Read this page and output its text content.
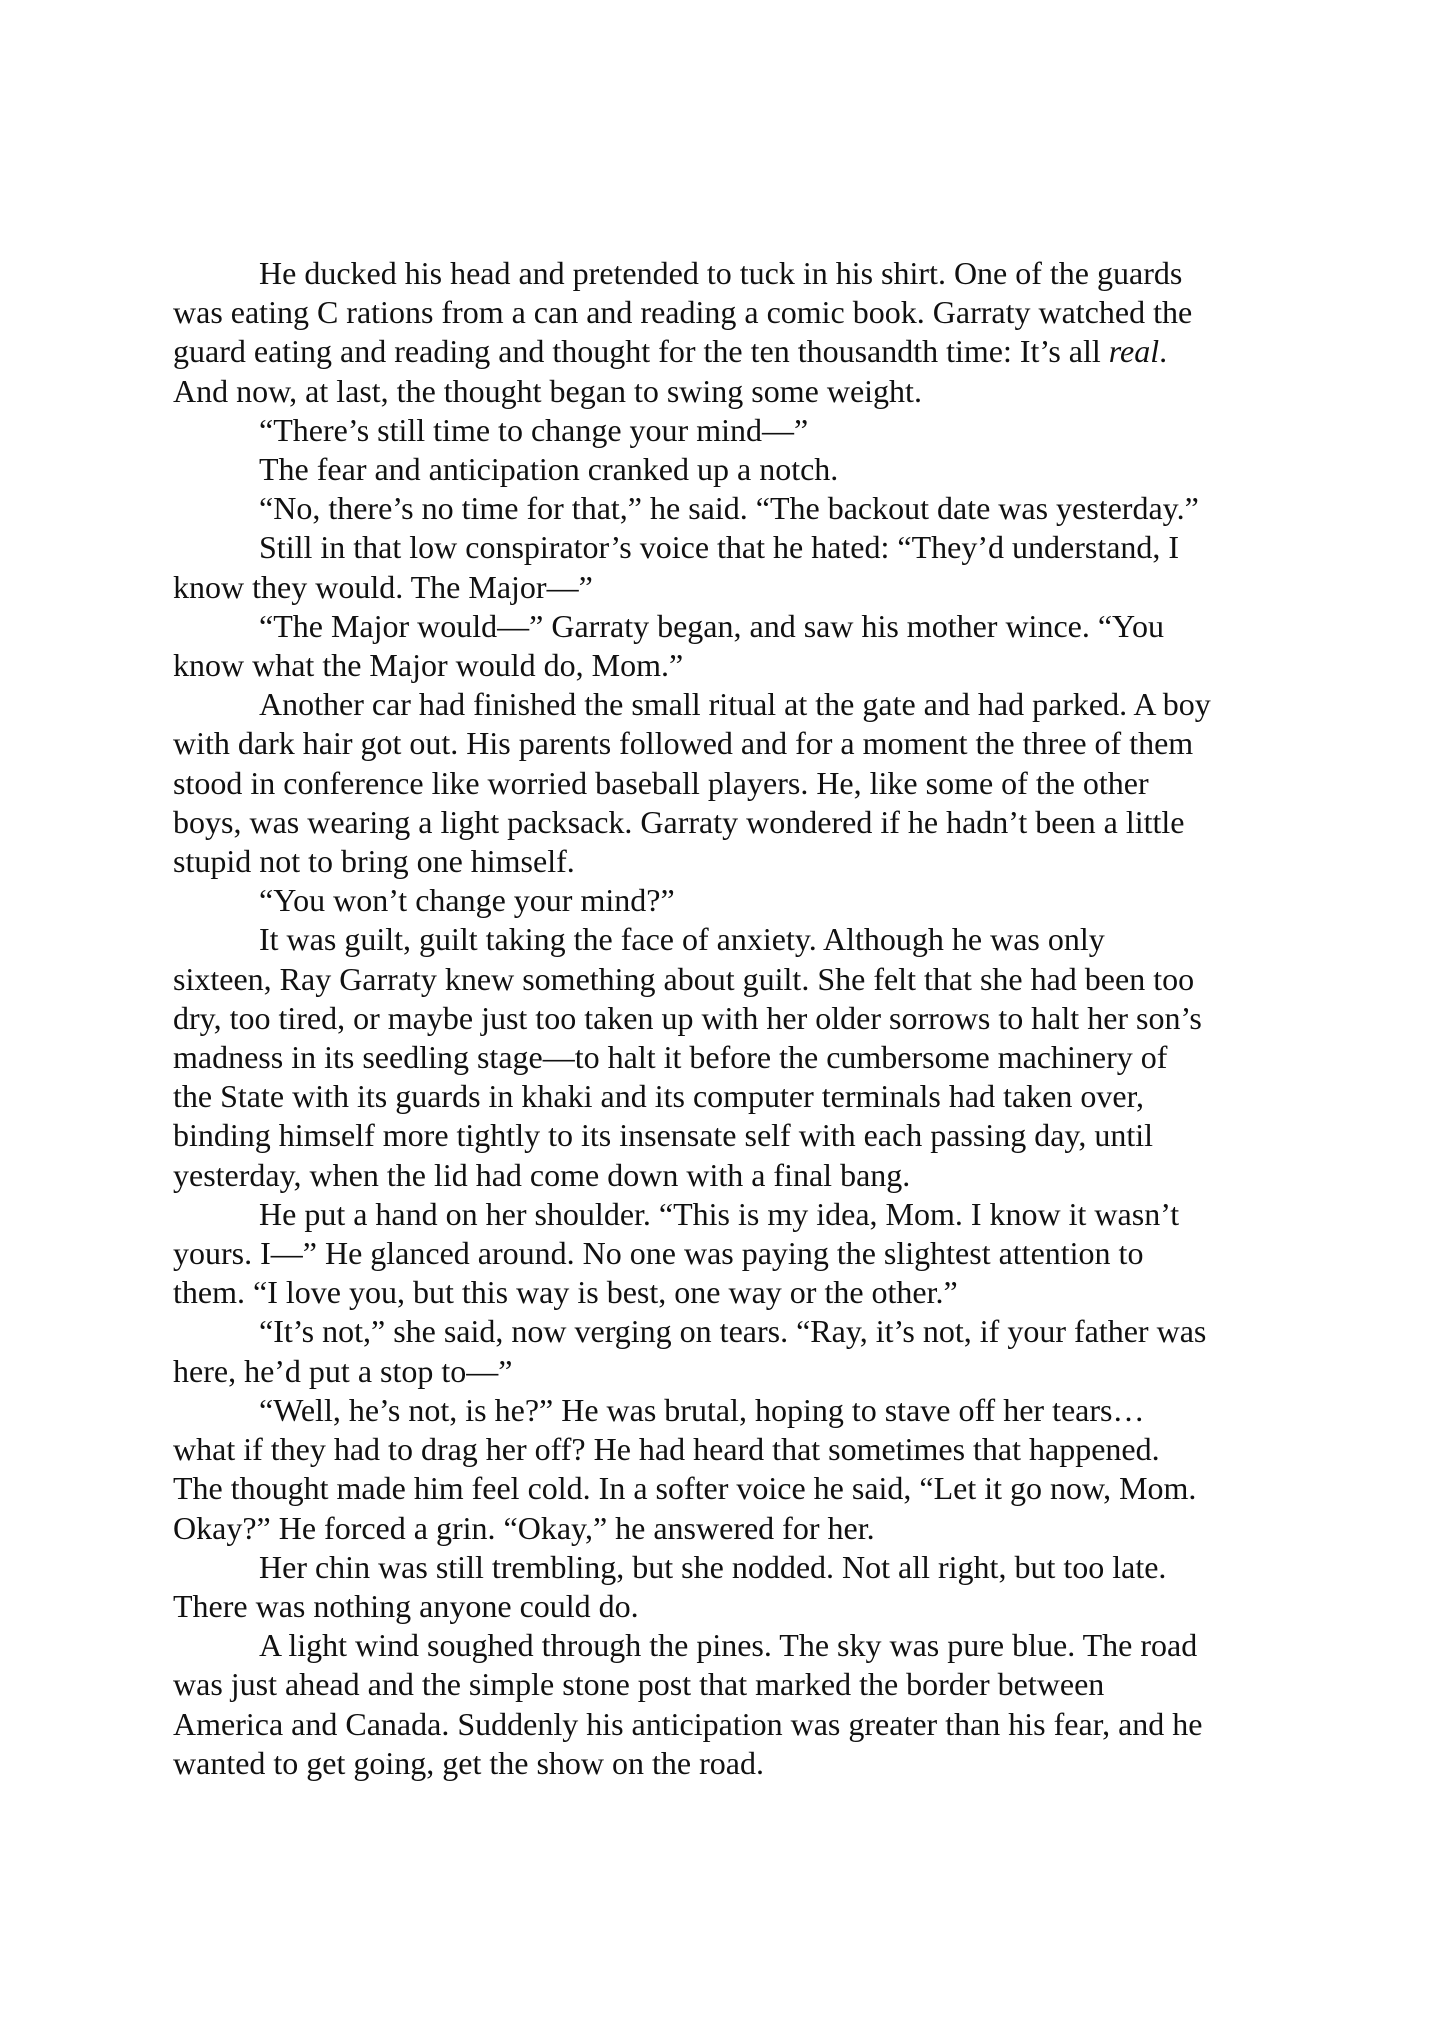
He ducked his head and pretended to tuck in his shirt. One of the guards
was eating C rations from a can and reading a comic book. Garraty watched the
guard eating and reading and thought for the ten thousandth time: It’s all real.
And now, at last, the thought began to swing some weight.

“There’s still time to change your mind—”

The fear and anticipation cranked up a notch.

“No, there’s no time for that,” he said. “The backout date was yesterday.”

Still in that low conspirator’s voice that he hated: “They’d understand, I
know they would. The Major—”

“The Major would—” Garraty began, and saw his mother wince. “You
know what the Major would do, Mom.”

Another car had finished the small ritual at the gate and had parked. A boy
with dark hair got out. His parents followed and for a moment the three of them
stood in conference like worried baseball players. He, like some of the other
boys, was wearing a light packsack. Garraty wondered if he hadn’t been a little
stupid not to bring one himself.

“You won’t change your mind?”

It was guilt, guilt taking the face of anxiety. Although he was only
sixteen, Ray Garraty knew something about guilt. She felt that she had been too
dry, too tired, or maybe just too taken up with her older sorrows to halt her son’s
madness in its seedling stage—to halt it before the cumbersome machinery of
the State with its guards in khaki and its computer terminals had taken over,
binding himself more tightly to its insensate self with each passing day, until
yesterday, when the lid had come down with a final bang.

He put a hand on her shoulder. “This is my idea, Mom. I know it wasn’t
yours. I—” He glanced around. No one was paying the slightest attention to
them. “I love you, but this way is best, one way or the other.”

“It’s not,” she said, now verging on tears. “Ray, it’s not, if your father was
here, he’d put a stop to—”

“Well, he’s not, is he?” He was brutal, hoping to stave off her tears…
what if they had to drag her off? He had heard that sometimes that happened.
The thought made him feel cold. In a softer voice he said, “Let it go now, Mom.
Okay?” He forced a grin. “Okay,” he answered for her.

Her chin was still trembling, but she nodded. Not all right, but too late.
There was nothing anyone could do.

A light wind soughed through the pines. The sky was pure blue. The road
was just ahead and the simple stone post that marked the border between
America and Canada. Suddenly his anticipation was greater than his fear, and he
wanted to get going, get the show on the road.
